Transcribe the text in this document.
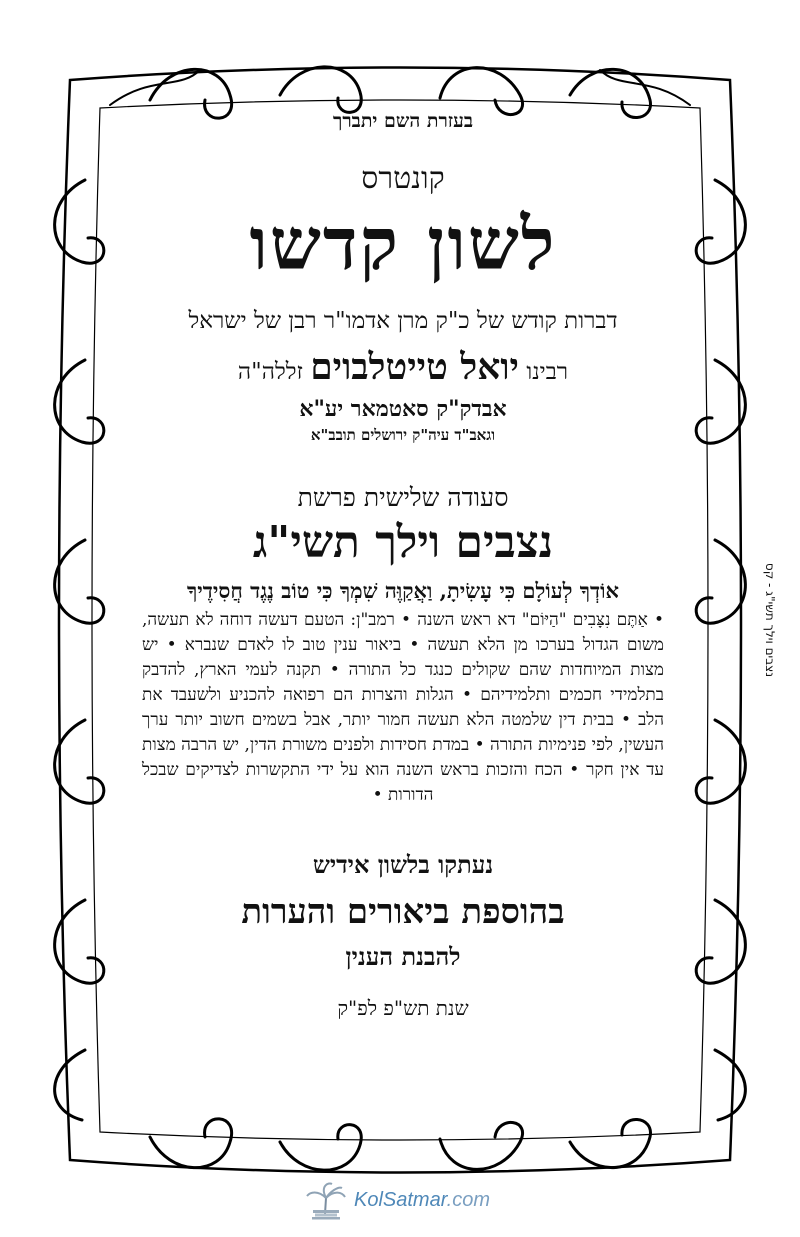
בעזרת השם יתברך
קונטרס
לשון קדשו
דברות קודש של כ"ק מרן אדמו"ר רבן של ישראל
רבינו יואל טייטלבוים זללה"ה
אבדק"ק סאטמאר יע"א
וגאב"ד עיה"ק ירושלים תובב"א
סעודה שלישית פרשת
נצבים וילך תשי"ג
אוֹדְךָ לְעוֹלָם כִּי עָשִׂיתָ, וַאֲקַוֶּה שִׁמְךָ כִּי טוֹב נֶגֶד חֲסִידֶיךָ
• אַתֶּם נִצָּבִים "הַיּוֹם" דא ראש השנה • רמב"ן: הטעם דעשה דוחה לא תעשה, משום הגדול בערכו מן הלא תעשה • ביאור ענין טוב לו לאדם שנברא • יש מצות המיוחדות שהם שקולים כנגד כל התורה • תקנה לעמי הארץ, להדבק בתלמידי חכמים ותלמידיהם • הגלות והצרות הם רפואה להכניע ולשעבד את הלב • בבית דין שלמטה הלא תעשה חמור יותר, אבל בשמים חשוב יותר ערך העשין, לפי פנימיות התורה • במדת חסידות ולפנים משורת הדין, יש הרבה מצות עד אין חקר • הכח והזכות בראש השנה הוא על ידי התקשרות לצדיקים שבכל הדורות •
נעתקו בלשון אידיש
בהוספת ביאורים והערות
להבנת הענין
שנת תש"פ לפ"ק
נצבים וילך תשי"ג - קס
KolSatmar.com
